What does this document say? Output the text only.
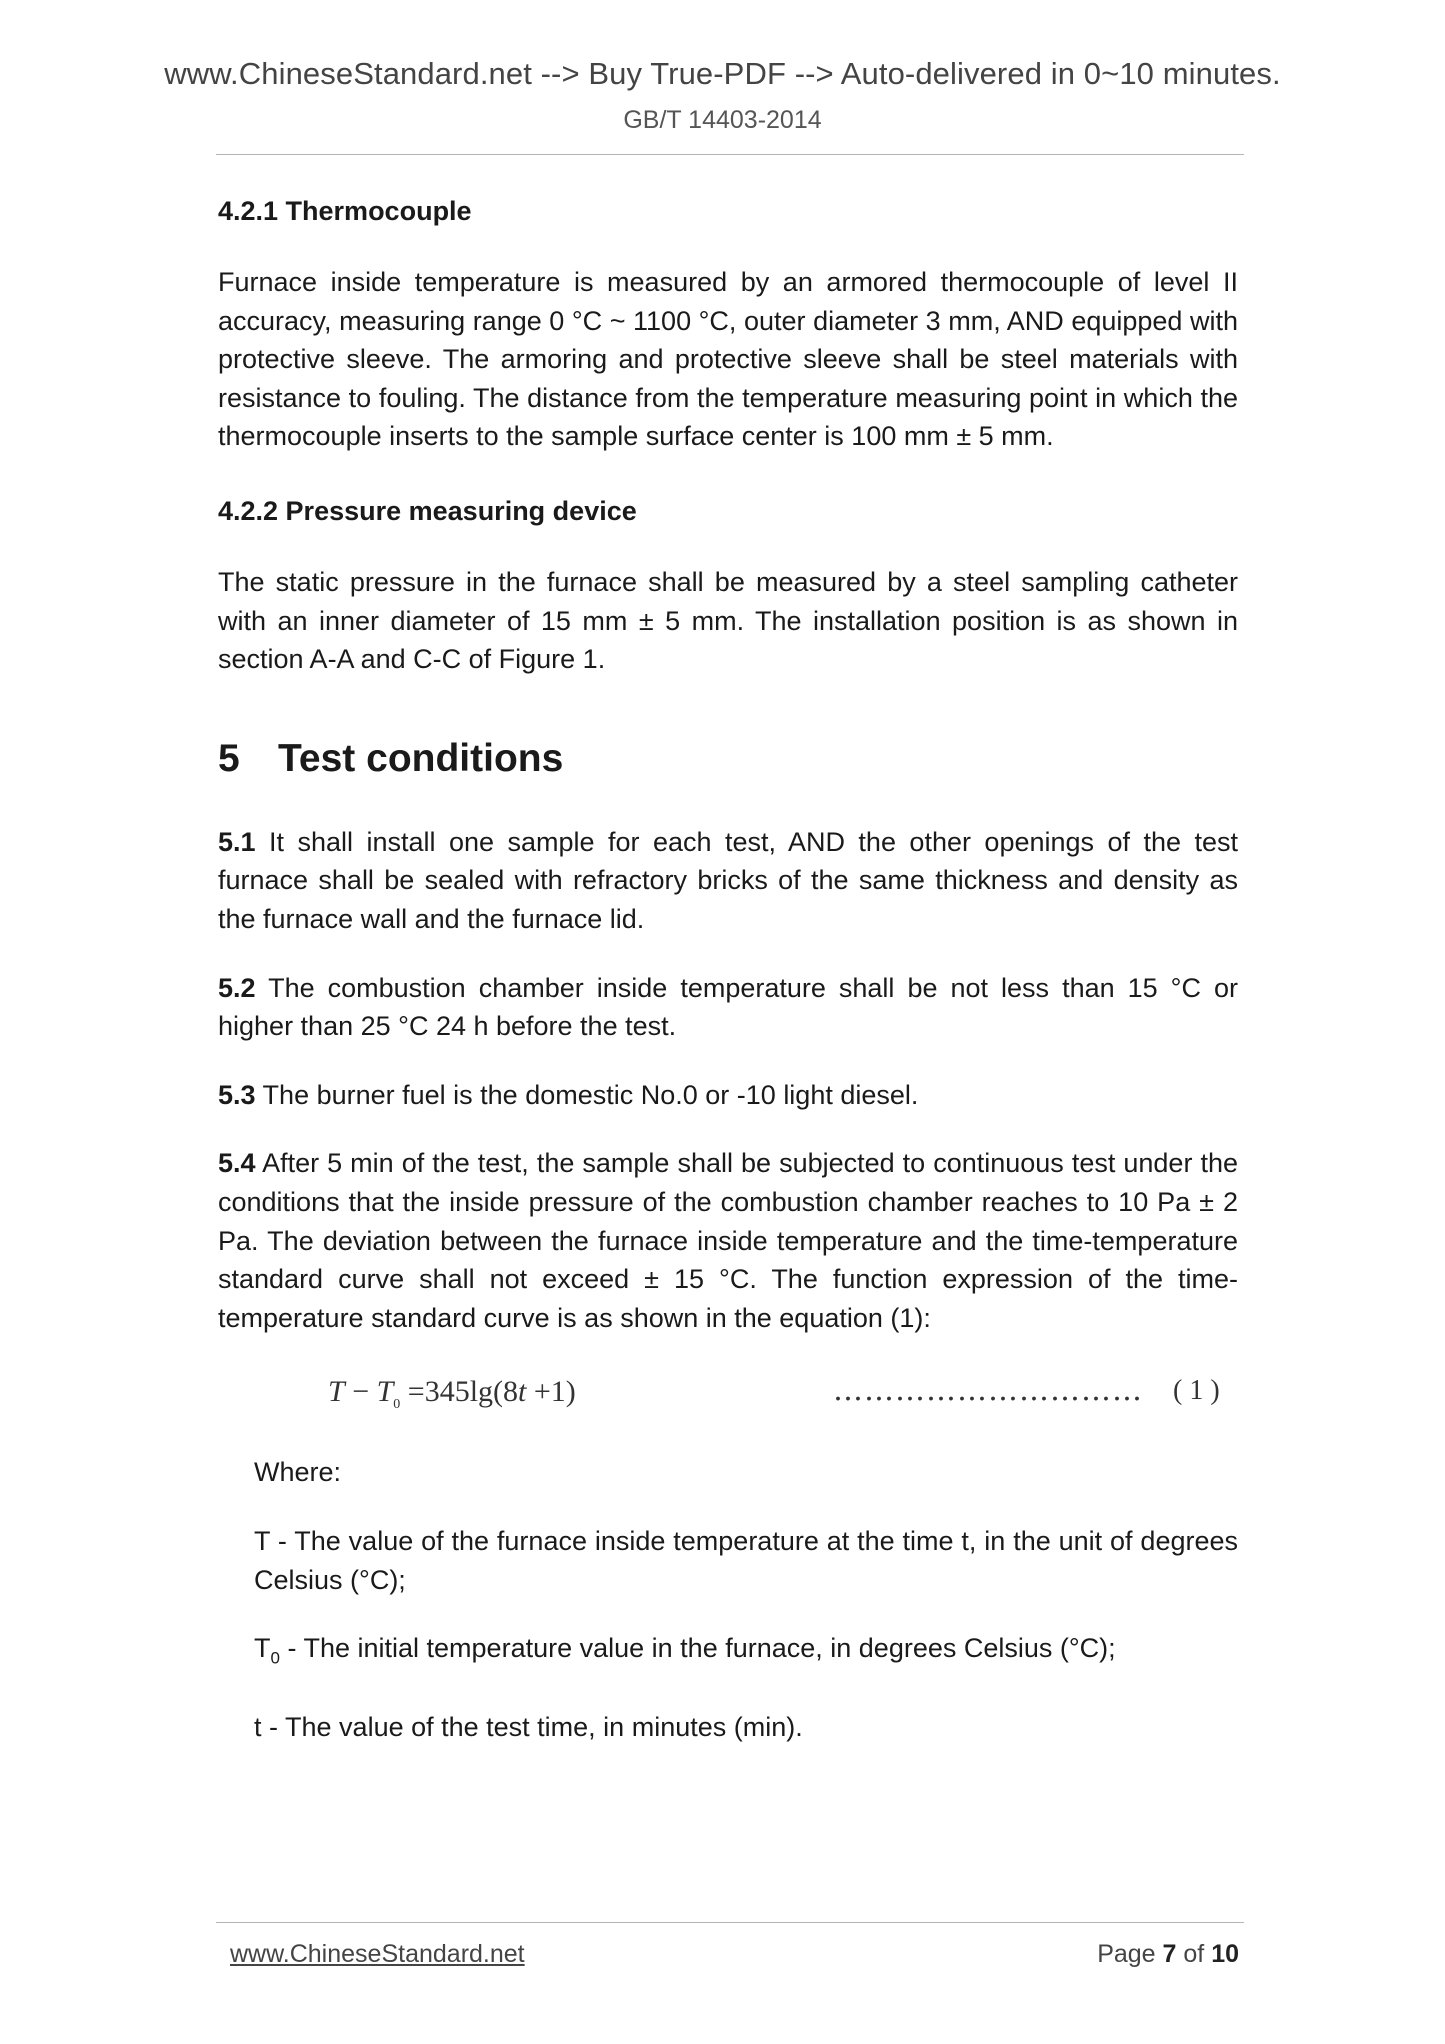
www.ChineseStandard.net --> Buy True-PDF --> Auto-delivered in 0~10 minutes.
GB/T 14403-2014
4.2.1 Thermocouple
Furnace inside temperature is measured by an armored thermocouple of level II accuracy, measuring range 0 °C ~ 1100 °C, outer diameter 3 mm, AND equipped with protective sleeve. The armoring and protective sleeve shall be steel materials with resistance to fouling. The distance from the temperature measuring point in which the thermocouple inserts to the sample surface center is 100 mm ± 5 mm.
4.2.2 Pressure measuring device
The static pressure in the furnace shall be measured by a steel sampling catheter with an inner diameter of 15 mm ± 5 mm. The installation position is as shown in section A-A and C-C of Figure 1.
5 Test conditions
5.1 It shall install one sample for each test, AND the other openings of the test furnace shall be sealed with refractory bricks of the same thickness and density as the furnace wall and the furnace lid.
5.2 The combustion chamber inside temperature shall be not less than 15 °C or higher than 25 °C 24 h before the test.
5.3 The burner fuel is the domestic No.0 or -10 light diesel.
5.4 After 5 min of the test, the sample shall be subjected to continuous test under the conditions that the inside pressure of the combustion chamber reaches to 10 Pa ± 2 Pa. The deviation between the furnace inside temperature and the time-temperature standard curve shall not exceed ± 15 °C. The function expression of the time-temperature standard curve is as shown in the equation (1):
$T - T_0 =345\lg(8t +1)$	………………………… ( 1 )
Where:
T - The value of the furnace inside temperature at the time t, in the unit of degrees Celsius (°C);
$T_0$ - The initial temperature value in the furnace, in degrees Celsius (°C);
t - The value of the test time, in minutes (min).
www.ChineseStandard.net	Page 7 of 10
